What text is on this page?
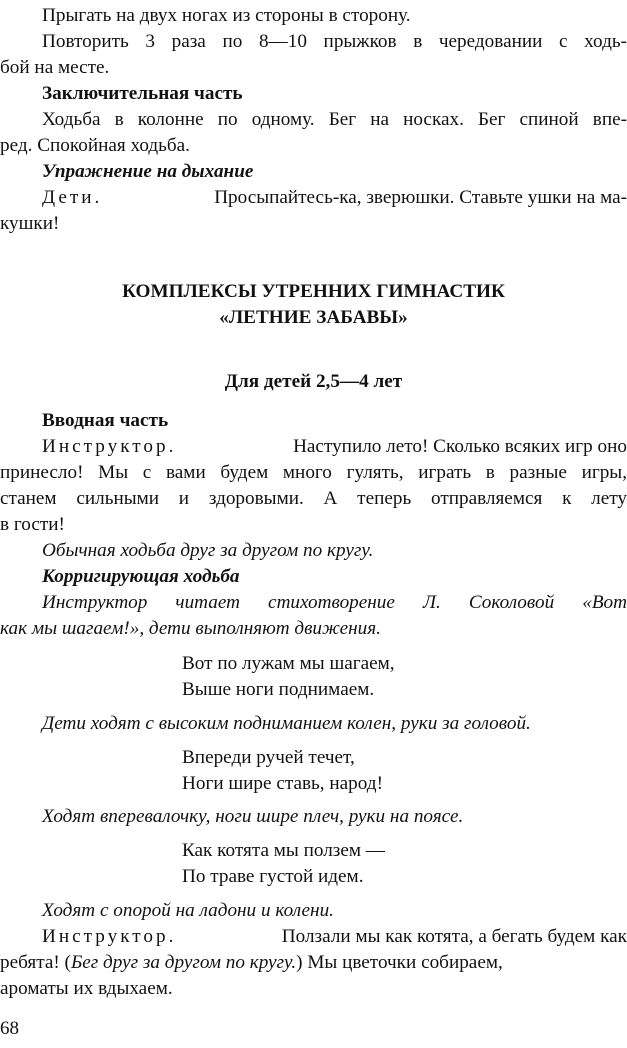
Прыгать на двух ногах из стороны в сторону.
Повторить 3 раза по 8—10 прыжков в чередовании с ходь-
бой на месте.
Заключительная часть
Ходьба в колонне по одному. Бег на носках. Бег спиной впе-
ред. Спокойная ходьба.
Упражнение на дыхание
Дети.	Просыпайтесь-ка, зверюшки. Ставьте ушки на ма-
кушки!
КОМПЛЕКСЫ УТРЕННИХ ГИМНАСТИК
«ЛЕТНИЕ ЗАБАВЫ»
Для детей 2,5—4 лет
Вводная часть
Инструктор.	Наступило лето! Сколько всяких игр оно
принесло! Мы с вами будем много гулять, играть в разные игры,
станем сильными и здоровыми. А теперь отправляемся к лету
в гости!
Обычная ходьба друг за другом по кругу.
Корригирующая ходьба
Инструктор читает стихотворение Л. Соколовой «Вот
как мы шагаем!», дети выполняют движения.
Вот по лужам мы шагаем,
Выше ноги поднимаем.
Дети ходят с высоким подниманием колен, руки за головой.
Впереди ручей течет,
Ноги шире ставь, народ!
Ходят вперевалочку, ноги шире плеч, руки на поясе.
Как котята мы ползем —
По траве густой идем.
Ходят с опорой на ладони и колени.
Инструктор.	Ползали мы как котята, а бегать будем как
ребята! (Бег друг за другом по кругу.) Мы цветочки собираем,
ароматы их вдыхаем.
68
